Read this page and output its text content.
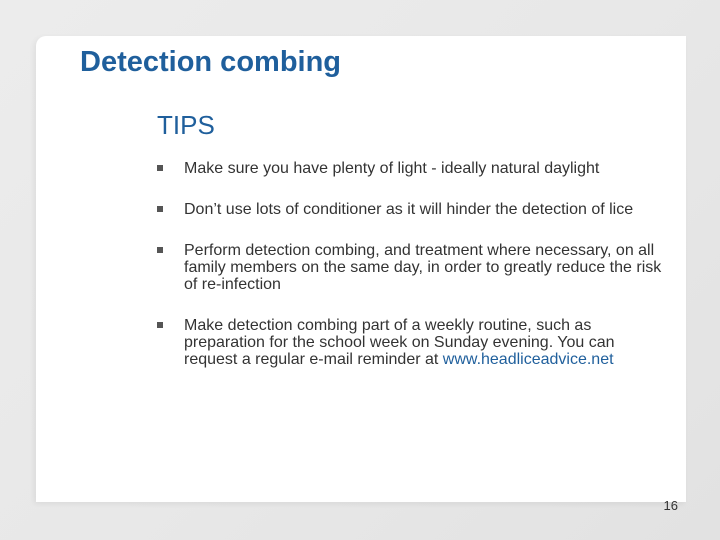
Detection combing
TIPS
Make sure you have plenty of light - ideally natural daylight
Don’t use lots of conditioner as it will hinder the detection of lice
Perform detection combing, and treatment where necessary, on all family members on the same day, in order to greatly reduce the risk of re-infection
Make detection combing part of a weekly routine, such as preparation for the school week on Sunday evening. You can request a regular e-mail reminder at www.headliceadvice.net
16
